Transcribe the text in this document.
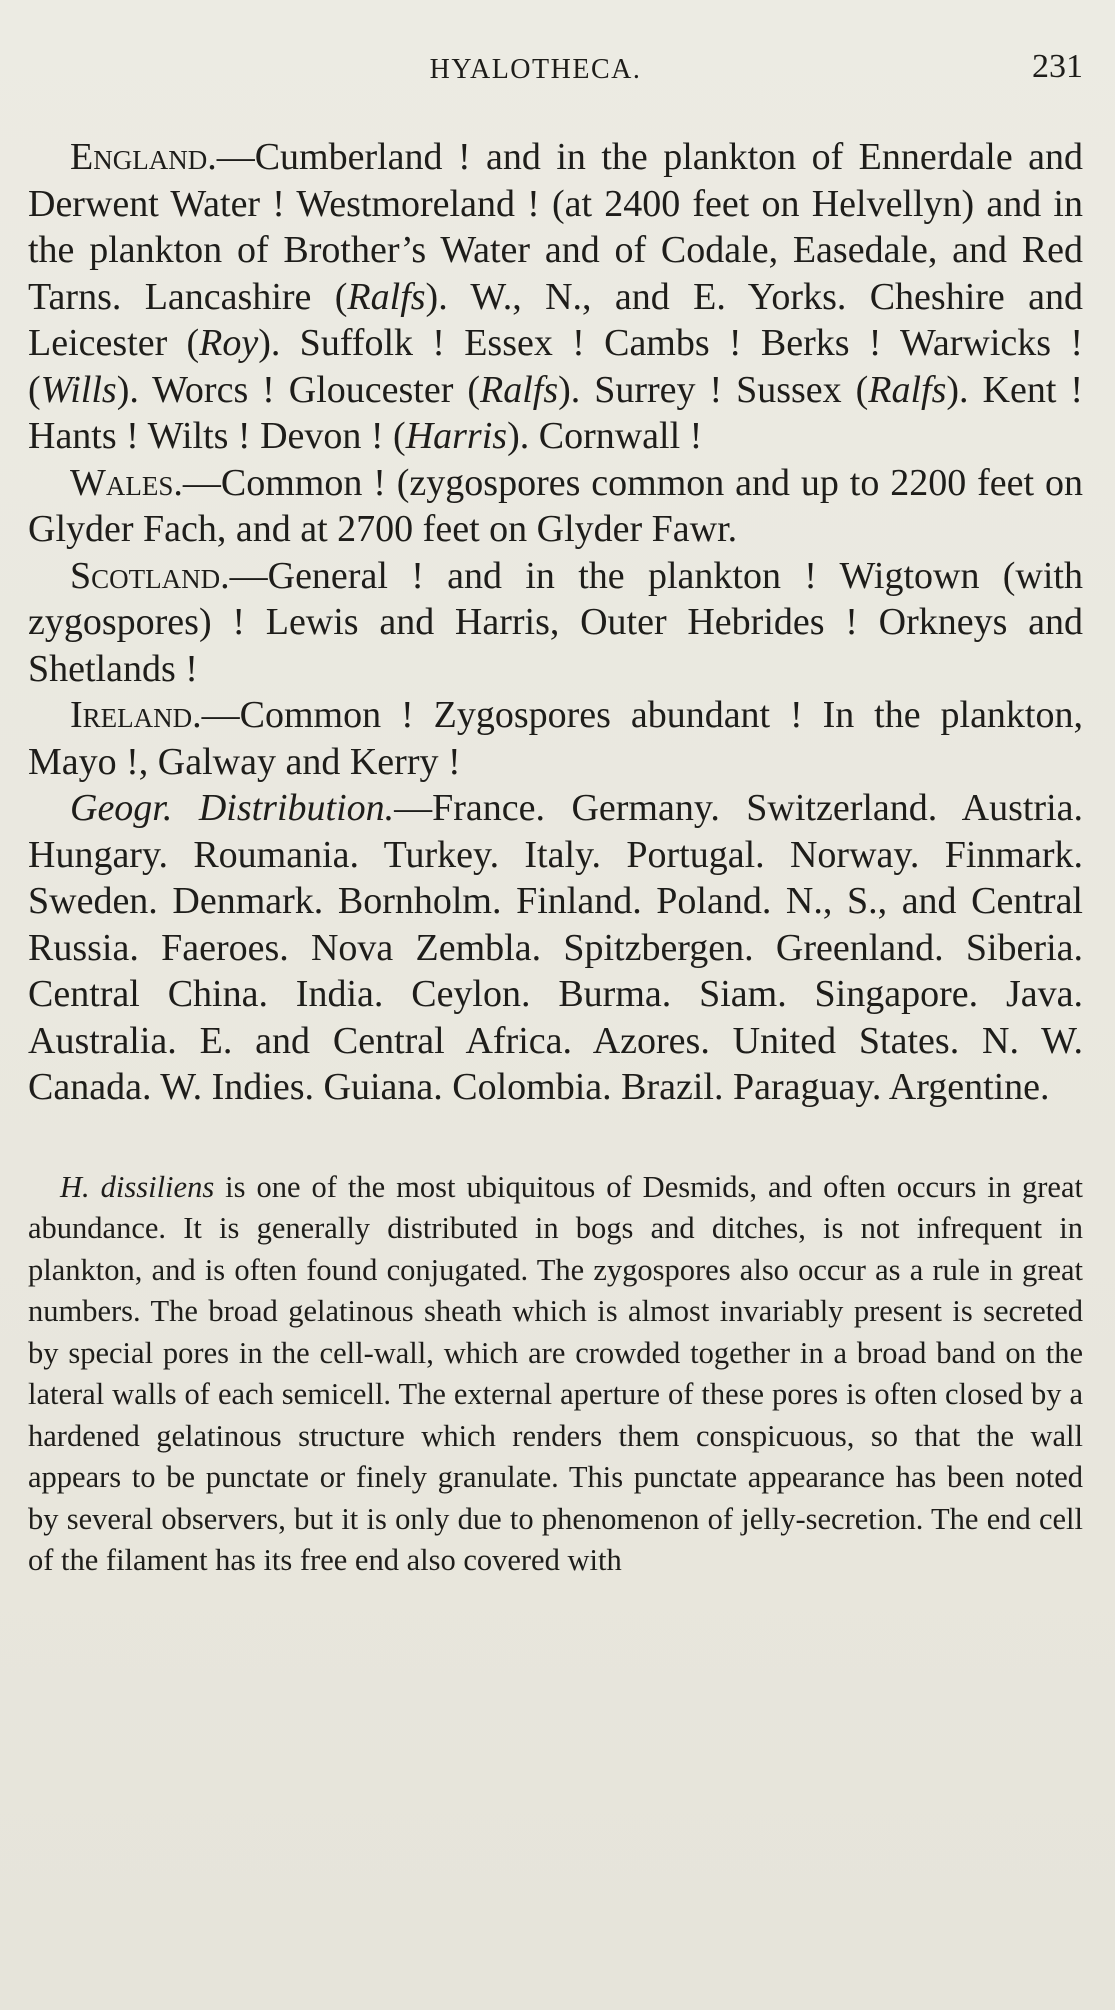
HYALOTHECA.	231

England.—Cumberland ! and in the plankton of Ennerdale and Derwent Water ! Westmoreland ! (at 2400 feet on Helvellyn) and in the plankton of Brother’s Water and of Codale, Easedale, and Red Tarns. Lancashire (Ralfs). W., N., and E. Yorks. Cheshire and Leicester (Roy). Suffolk ! Essex ! Cambs ! Berks ! Warwicks ! (Wills). Worcs ! Gloucester (Ralfs). Surrey ! Sussex (Ralfs). Kent ! Hants ! Wilts ! Devon ! (Harris). Cornwall !

Wales.—Common ! (zygospores common and up to 2200 feet on Glyder Fach, and at 2700 feet on Glyder Fawr.

Scotland.—General ! and in the plankton ! Wigtown (with zygospores) ! Lewis and Harris, Outer Hebrides ! Orkneys and Shetlands !

Ireland.—Common ! Zygospores abundant ! In the plankton, Mayo !, Galway and Kerry !

Geogr. Distribution.—France. Germany. Switzerland. Austria. Hungary. Roumania. Turkey. Italy. Portugal. Norway. Finmark. Sweden. Denmark. Bornholm. Finland. Poland. N., S., and Central Russia. Faeroes. Nova Zembla. Spitzbergen. Greenland. Siberia. Central China. India. Ceylon. Burma. Siam. Singapore. Java. Australia. E. and Central Africa. Azores. United States. N. W. Canada. W. Indies. Guiana. Colombia. Brazil. Paraguay. Argentine.

H. dissiliens is one of the most ubiquitous of Desmids, and often occurs in great abundance. It is generally distributed in bogs and ditches, is not infrequent in plankton, and is often found conjugated. The zygospores also occur as a rule in great numbers. The broad gelatinous sheath which is almost invariably present is secreted by special pores in the cell-wall, which are crowded together in a broad band on the lateral walls of each semicell. The external aperture of these pores is often closed by a hardened gelatinous structure which renders them conspicuous, so that the wall appears to be punctate or finely granulate. This punctate appearance has been noted by several observers, but it is only due to phenomenon of jelly-secretion. The end cell of the filament has its free end also covered with
